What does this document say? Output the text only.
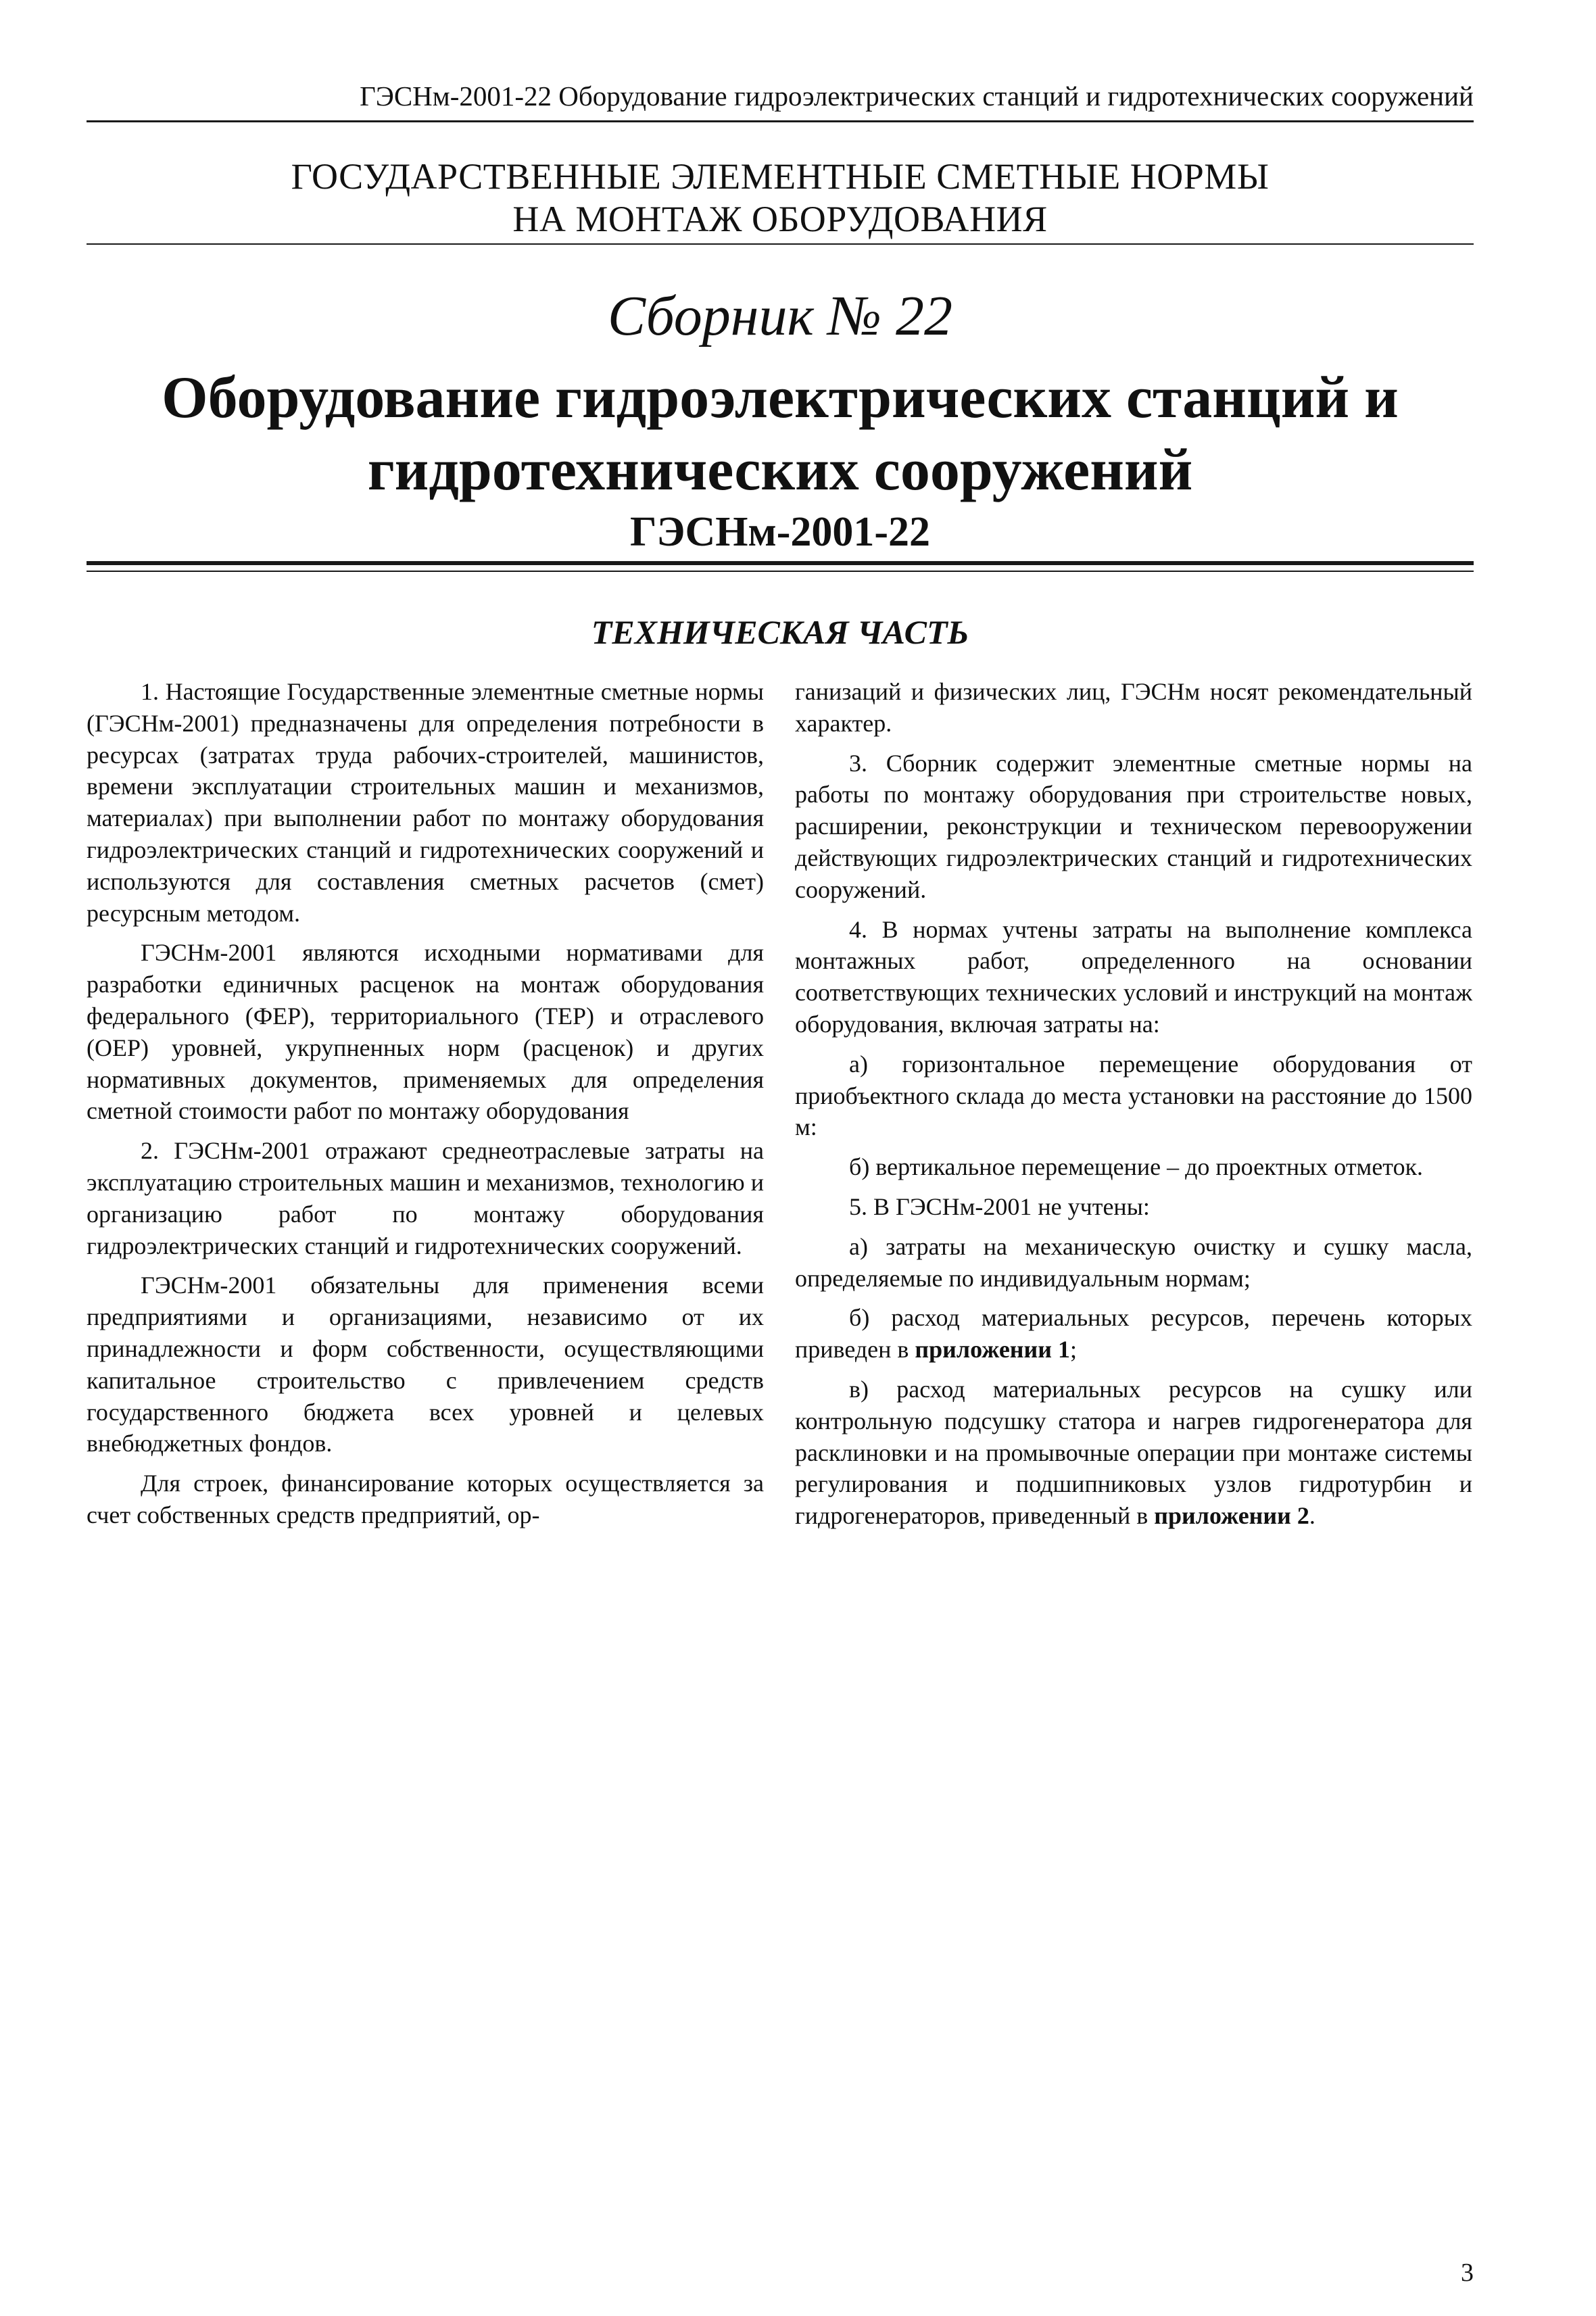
ГЭСНм-2001-22 Оборудование гидроэлектрических станций и гидротехнических сооружений
ГОСУДАРСТВЕННЫЕ ЭЛЕМЕНТНЫЕ СМЕТНЫЕ НОРМЫ
НА МОНТАЖ ОБОРУДОВАНИЯ
Сборник № 22
Оборудование гидроэлектрических станций и
гидротехнических сооружений
ГЭСНм-2001-22
ТЕХНИЧЕСКАЯ ЧАСТЬ

1. Настоящие Государственные элементные сметные нормы (ГЭСНм-2001) предназначены для определения потребности в ресурсах (затратах труда рабочих-строителей, машинистов, времени эксплуатации строительных машин и механизмов, материалах) при выполнении работ по монтажу оборудования гидроэлектрических станций и гидротехнических сооружений и используются для составления сметных расчетов (смет) ресурсным методом.

ГЭСНм-2001 являются исходными нормативами для разработки единичных расценок на монтаж оборудования федерального (ФЕР), территориального (ТЕР) и отраслевого (ОЕР) уровней, укрупненных норм (расценок) и других нормативных документов, применяемых для определения сметной стоимости работ по монтажу оборудования

2. ГЭСНм-2001 отражают среднеотраслевые затраты на эксплуатацию строительных машин и механизмов, технологию и организацию работ по монтажу оборудования гидроэлектрических станций и гидротехнических сооружений.

ГЭСНм-2001 обязательны для применения всеми предприятиями и организациями, независимо от их принадлежности и форм собственности, осуществляющими капитальное строительство с привлечением средств государственного бюджета всех уровней и целевых внебюджетных фондов.

Для строек, финансирование которых осуществляется за счет собственных средств предприятий, ор-

ганизаций и физических лиц, ГЭСНм носят рекомендательный характер.

3. Сборник содержит элементные сметные нормы на работы по монтажу оборудования при строительстве новых, расширении, реконструкции и техническом перевооружении действующих гидроэлектрических станций и гидротехнических сооружений.

4. В нормах учтены затраты на выполнение комплекса монтажных работ, определенного на основании соответствующих технических условий и инструкций на монтаж оборудования, включая затраты на:

а) горизонтальное перемещение оборудования от приобъектного склада до места установки на расстояние до 1500 м:

б) вертикальное перемещение – до проектных отметок.

5. В ГЭСНм-2001 не учтены:

а) затраты на механическую очистку и сушку масла, определяемые по индивидуальным нормам;

б) расход материальных ресурсов, перечень которых приведен в приложении 1;

в) расход материальных ресурсов на сушку или контрольную подсушку статора и нагрев гидрогенератора для расклиновки и на промывочные операции при монтаже системы регулирования и подшипниковых узлов гидротурбин и гидрогенераторов, приведенный в приложении 2.

3
